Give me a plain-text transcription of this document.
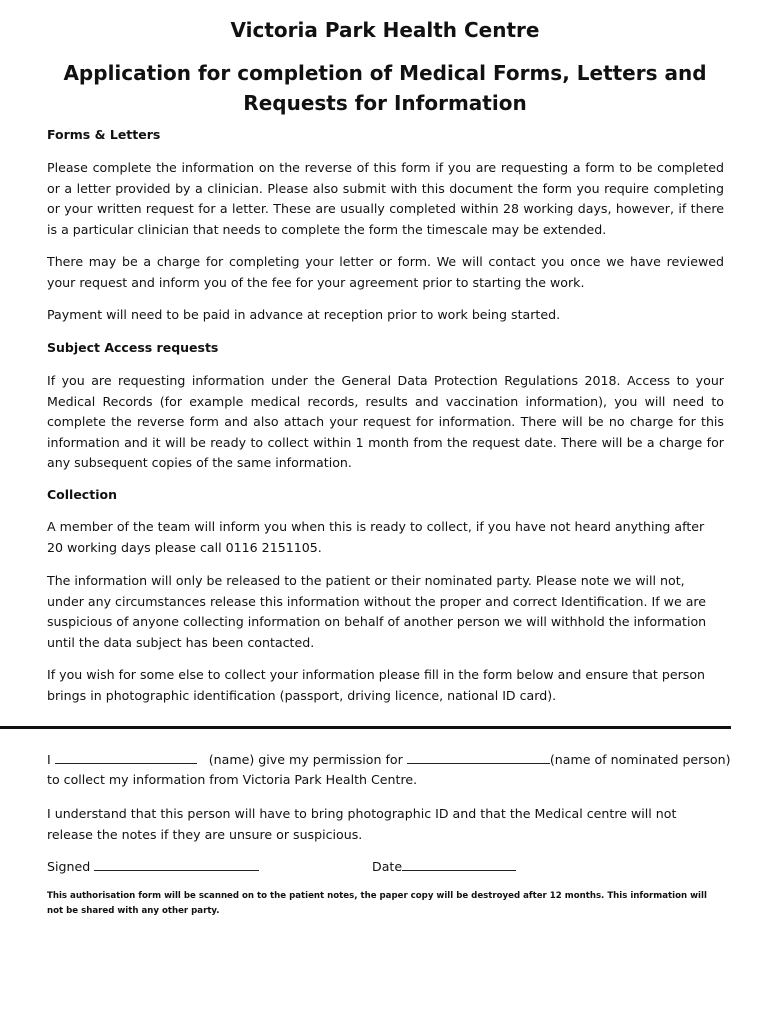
Victoria Park Health Centre
Application for completion of Medical Forms, Letters and
Requests for Information
Forms & Letters

Please complete the information on the reverse of this form if you are requesting a form to be completed or a letter provided by a clinician. Please also submit with this document the form you require completing or your written request for a letter. These are usually completed within 28 working days, however, if there is a particular clinician that needs to complete the form the timescale may be extended.

There may be a charge for completing your letter or form. We will contact you once we have reviewed your request and inform you of the fee for your agreement prior to starting the work.

Payment will need to be paid in advance at reception prior to work being started.

Subject Access requests

If you are requesting information under the General Data Protection Regulations 2018. Access to your Medical Records (for example medical records, results and vaccination information), you will need to complete the reverse form and also attach your request for information. There will be no charge for this information and it will be ready to collect within 1 month from the request date. There will be a charge for any subsequent copies of the same information.

Collection

A member of the team will inform you when this is ready to collect, if you have not heard anything after 20 working days please call 0116 2151105.

The information will only be released to the patient or their nominated party. Please note we will not, under any circumstances release this information without the proper and correct Identification. If we are suspicious of anyone collecting information on behalf of another person we will withhold the information until the data subject has been contacted.

If you wish for some else to collect your information please fill in the form below and ensure that person brings in photographic identification (passport, driving licence, national ID card).

I	(name) give my permission for	(name of nominated person)

to collect my information from Victoria Park Health Centre.

I understand that this person will have to bring photographic ID and that the Medical centre will not release the notes if they are unsure or suspicious.

Signed	Date

This authorisation form will be scanned on to the patient notes, the paper copy will be destroyed after 12 months. This information will not be shared with any other party.
